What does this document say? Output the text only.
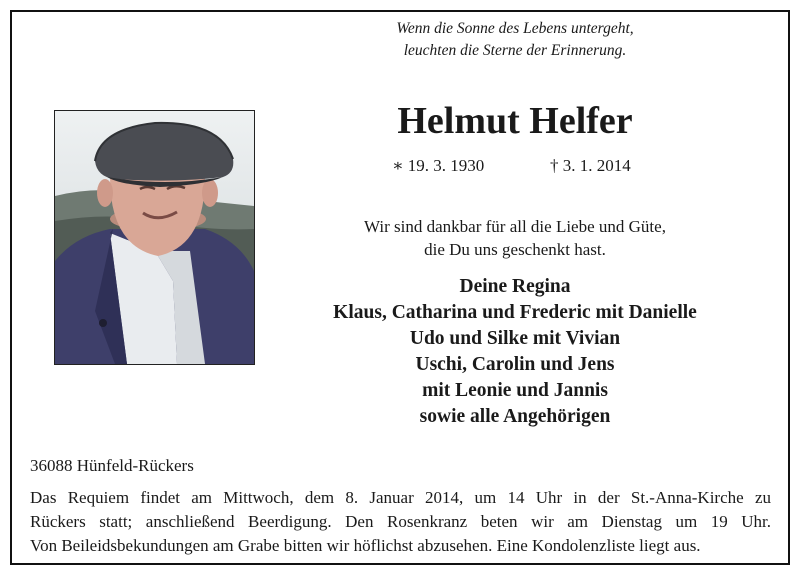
Wenn die Sonne des Lebens untergeht,
leuchten die Sterne der Erinnerung.
Helmut Helfer
∗ 19. 3. 1930	† 3. 1. 2014
Wir sind dankbar für all die Liebe und Güte,
die Du uns geschenkt hast.
Deine Regina
Klaus, Catharina und Frederic mit Danielle
Udo und Silke mit Vivian
Uschi, Carolin und Jens
mit Leonie und Jannis
sowie alle Angehörigen
36088 Hünfeld-Rückers
Das Requiem findet am Mittwoch, dem 8. Januar 2014, um 14 Uhr in der St.-Anna-Kirche zu
Rückers statt; anschließend Beerdigung. Den Rosenkranz beten wir am Dienstag um 19 Uhr.
Von Beileidsbekundungen am Grabe bitten wir höflichst abzusehen. Eine Kondolenzliste liegt aus.
